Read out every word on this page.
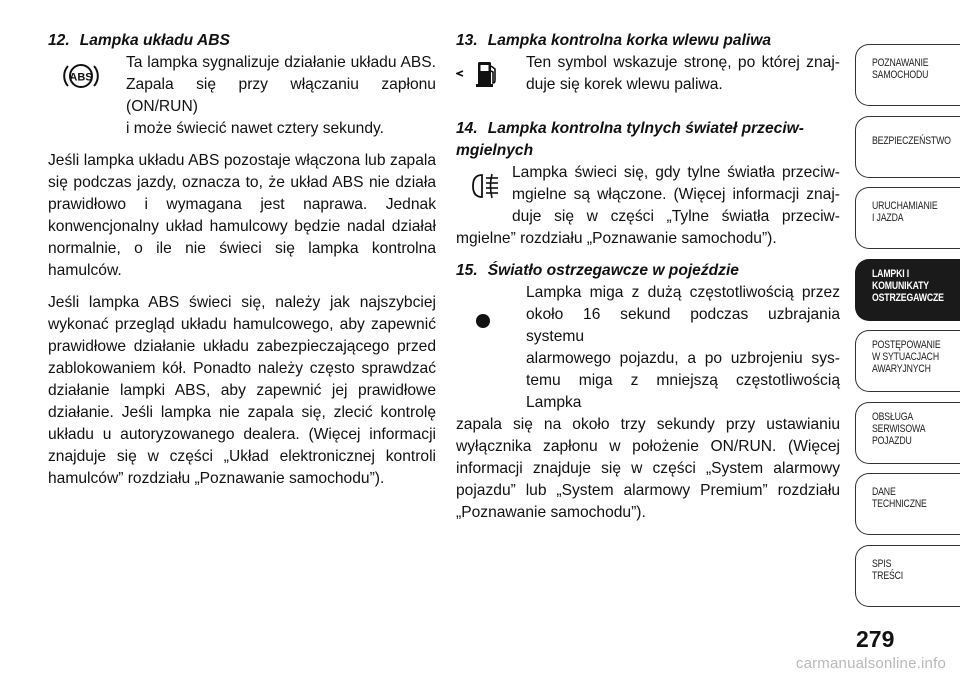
12. Lampka układu ABS
ABS

Ta lampka sygnalizuje działanie układu ABS.

Zapala się przy włączaniu zapłonu (ON/RUN)

i może świecić nawet cztery sekundy.

Jeśli lampka układu ABS pozostaje włączona lub zapala się podczas jazdy, oznacza to, że układ ABS nie działa prawidłowo i wymagana jest naprawa. Jednak konwencjonalny układ hamulcowy będzie nadal działał normalnie, o ile nie świeci się lampka kontrolna hamulców.

Jeśli lampka ABS świeci się, należy jak najszybciej wykonać przegląd układu hamulcowego, aby zapewnić prawidłowe działanie układu zabezpieczającego przed zablokowaniem kół. Ponadto należy często sprawdzać działanie lampki ABS, aby zapewnić jej prawidłowe działanie. Jeśli lampka nie zapala się, zlecić kontrolę układu u autoryzowanego dealera. (Więcej informacji znajduje się w części „Układ elektronicznej kontroli hamulców” rozdziału „Poznawanie samochodu”).

13. Lampka kontrolna korka wlewu paliwa

Ten symbol wskazuje stronę, po której znaj-

duje się korek wlewu paliwa.

14. Lampka kontrolna tylnych świateł przeciw-
mgielnych

Lampka świeci się, gdy tylne światła przeciw-

mgielne są włączone. (Więcej informacji znaj-

duje się w części „Tylne światła przeciw-

mgielne” rozdziału „Poznawanie samochodu”).

15. Światło ostrzegawcze w pojeździe

Lampka miga z dużą częstotliwością przez

około 16 sekund podczas uzbrajania systemu

alarmowego pojazdu, a po uzbrojeniu sys-

temu miga z mniejszą częstotliwością Lampka

zapala się na około trzy sekundy przy ustawianiu wyłącznika zapłonu w położenie ON/RUN. (Więcej informacji znajduje się w części „System alarmowy pojazdu” lub „System alarmowy Premium” rozdziału „Poznawanie samochodu”).

POZNAWANIE
SAMOCHODU
BEZPIECZEŃSTWO
URUCHAMIANIE
I JAZDA
LAMPKI I
KOMUNIKATY
OSTRZEGAWCZE
POSTĘPOWANIE
W SYTUACJACH
AWARYJNYCH
OBSŁUGA
SERWISOWA
POJAZDU
DANE
TECHNICZNE
SPIS
TREŚCI
279
carmanualsonline.info
